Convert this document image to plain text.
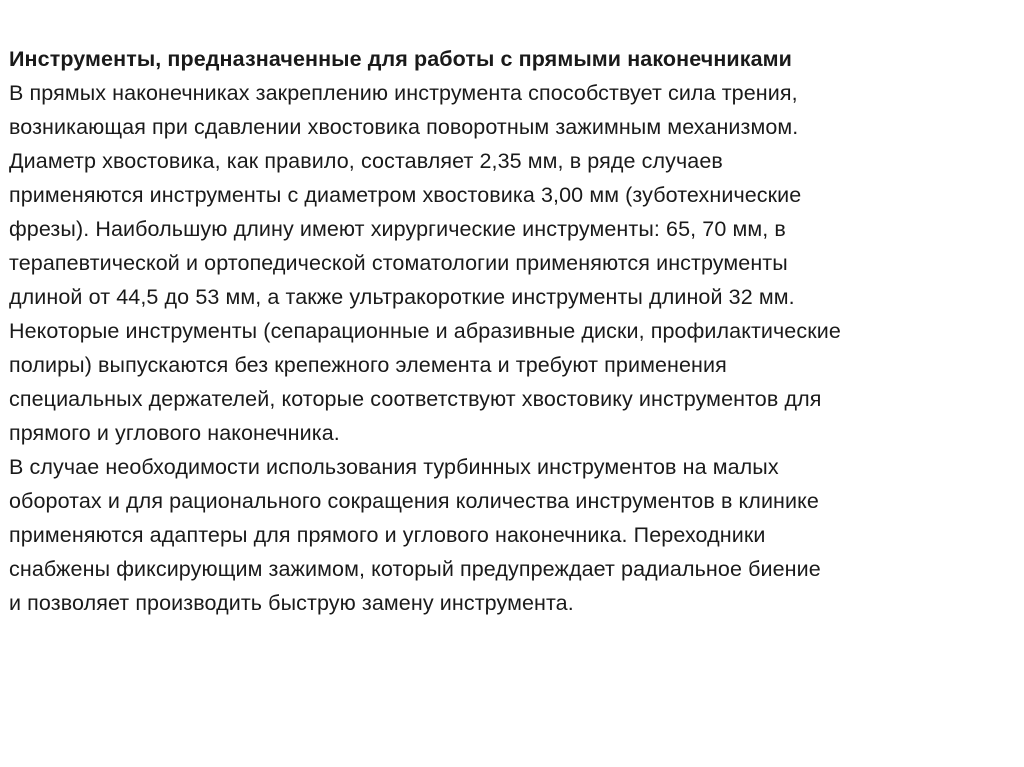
Инструменты, предназначенные для работы с прямыми наконечниками
В прямых наконечниках закреплению инструмента способствует сила трения,
возникающая при сдавлении хвостовика поворотным зажимным механизмом.
Диаметр хвостовика, как правило, составляет 2,35 мм, в ряде случаев
применяются инструменты с диаметром хвостовика 3,00 мм (зуботехнические
фрезы). Наибольшую длину имеют хирургические инструменты: 65, 70 мм, в
терапевтической и ортопедической стоматологии применяются инструменты
длиной от 44,5 до 53 мм, а также ультракороткие инструменты длиной 32 мм.
Некоторые инструменты (сепарационные и абразивные диски, профилактические
полиры) выпускаются без крепежного элемента и требуют применения
специальных держателей, которые соответствуют хвостовику инструментов для
прямого и углового наконечника.
В случае необходимости использования турбинных инструментов на малых
оборотах и для рационального сокращения количества инструментов в клинике
применяются адаптеры для прямого и углового наконечника. Переходники
снабжены фиксирующим зажимом, который предупреждает радиальное биение
и позволяет производить быструю замену инструмента.
